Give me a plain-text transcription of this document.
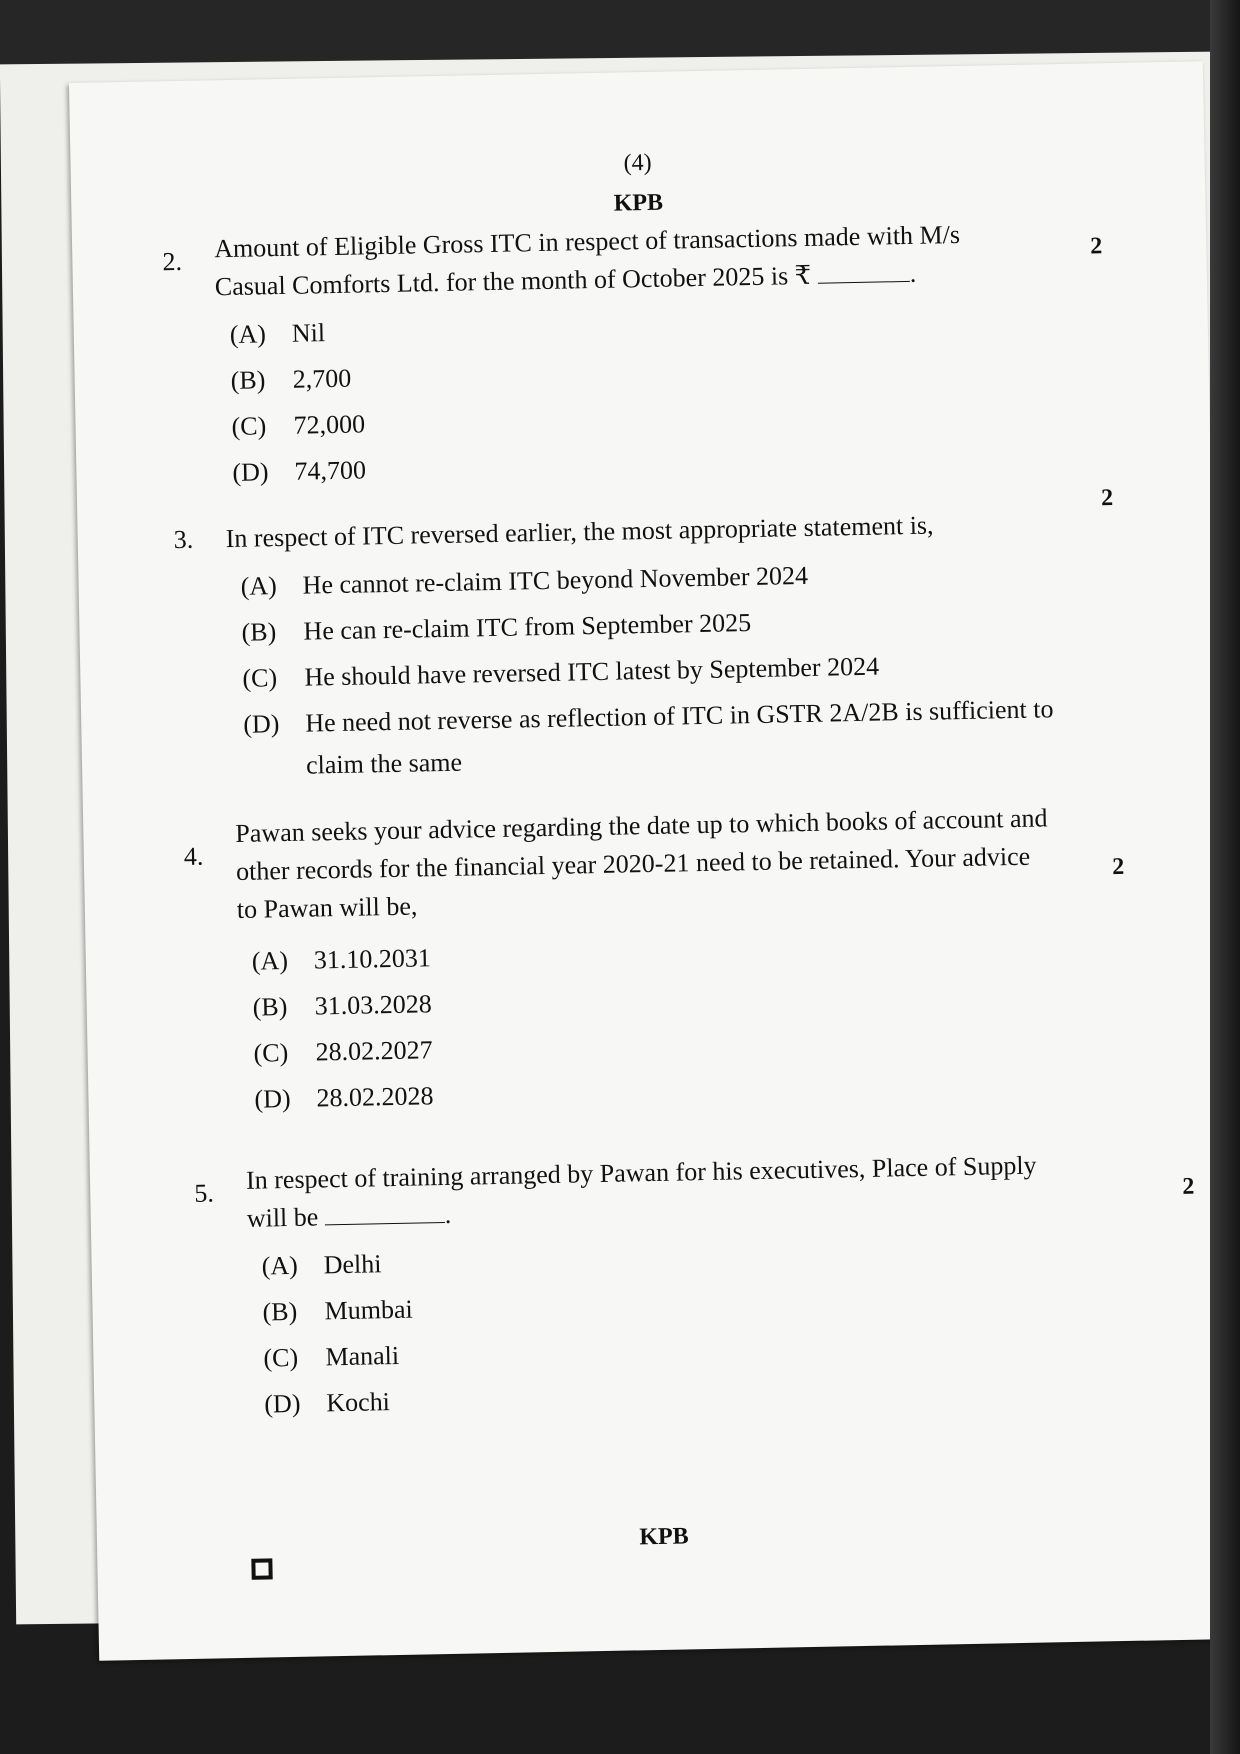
(4)
KPB
2.	Amount of Eligible Gross ITC in respect of transactions made with M/s
Casual Comforts Ltd. for the month of October 2025 is ₹	.
2
(A) Nil
(B) 2,700
(C) 72,000
(D) 74,700
3.	In respect of ITC reversed earlier, the most appropriate statement is,
2
(A) He cannot re-claim ITC beyond November 2024
(B) He can re-claim ITC from September 2025
(C) He should have reversed ITC latest by September 2024
(D) He need not reverse as reflection of ITC in GSTR 2A/2B is sufficient to
claim the same
4.
Pawan seeks your advice regarding the date up to which books of account and
other records for the financial year 2020-21 need to be retained. Your advice
to Pawan will be,
2
(A) 31.10.2031
(B) 31.03.2028
(C) 28.02.2027
(D) 28.02.2028
5.	In respect of training arranged by Pawan for his executives, Place of Supply
will be	.
2
(A) Delhi
(B) Mumbai
(C) Manali
(D) Kochi
KPB
